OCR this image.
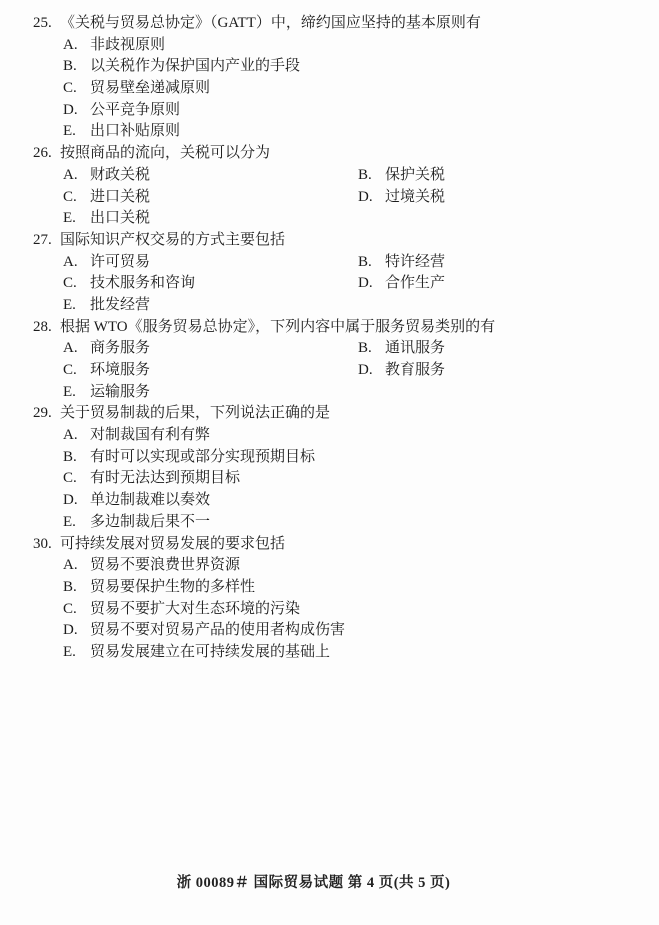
25. 《关税与贸易总协定》（GATT）中，缔约国应坚持的基本原则有
A. 非歧视原则
B. 以关税作为保护国内产业的手段
C. 贸易壁垒递减原则
D. 公平竞争原则
E. 出口补贴原则
26. 按照商品的流向，关税可以分为
A. 财政关税	B. 保护关税
C. 进口关税	D. 过境关税
E. 出口关税
27. 国际知识产权交易的方式主要包括
A. 许可贸易	B. 特许经营
C. 技术服务和咨询	D. 合作生产
E. 批发经营
28. 根据 WTO《服务贸易总协定》，下列内容中属于服务贸易类别的有
A. 商务服务	B. 通讯服务
C. 环境服务	D. 教育服务
E. 运输服务
29. 关于贸易制裁的后果，下列说法正确的是
A. 对制裁国有利有弊
B. 有时可以实现或部分实现预期目标
C. 有时无法达到预期目标
D. 单边制裁难以奏效
E. 多边制裁后果不一
30. 可持续发展对贸易发展的要求包括
A. 贸易不要浪费世界资源
B. 贸易要保护生物的多样性
C. 贸易不要扩大对生态环境的污染
D. 贸易不要对贸易产品的使用者构成伤害
E. 贸易发展建立在可持续发展的基础上
浙 00089＃ 国际贸易试题 第 4 页(共 5 页)
